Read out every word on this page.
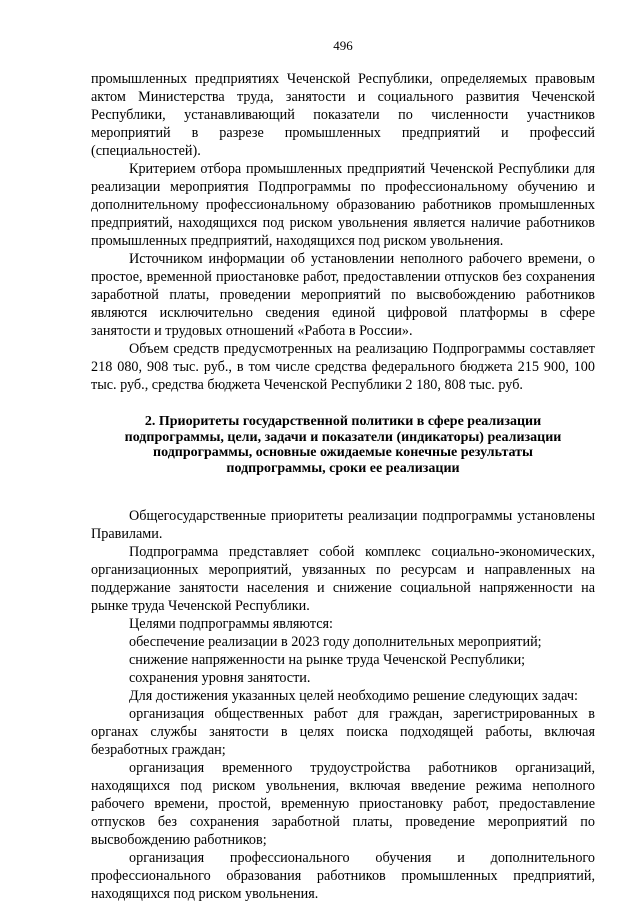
496

промышленных предприятиях Чеченской Республики, определяемых правовым актом Министерства труда, занятости и социального развития Чеченской Республики, устанавливающий показатели по численности участников мероприятий в разрезе промышленных предприятий и профессий (специальностей).

Критерием отбора промышленных предприятий Чеченской Республики для реализации мероприятия Подпрограммы по профессиональному обучению и дополнительному профессиональному образованию работников промышленных предприятий, находящихся под риском увольнения является наличие работников промышленных предприятий, находящихся под риском увольнения.

Источником информации об установлении неполного рабочего времени, о простое, временной приостановке работ, предоставлении отпусков без сохранения заработной платы, проведении мероприятий по высвобождению работников являются исключительно сведения единой цифровой платформы в сфере занятости и трудовых отношений «Работа в России».

Объем средств предусмотренных на реализацию Подпрограммы составляет 218 080, 908 тыс. руб., в том числе средства федерального бюджета 215 900, 100 тыс. руб., средства бюджета Чеченской Республики 2 180, 808 тыс. руб.

2. Приоритеты государственной политики в сфере реализации
подпрограммы, цели, задачи и показатели (индикаторы) реализации
подпрограммы, основные ожидаемые конечные результаты
подпрограммы, сроки ее реализации

Общегосударственные приоритеты реализации подпрограммы установлены Правилами.

Подпрограмма представляет собой комплекс социально-экономических, организационных мероприятий, увязанных по ресурсам и направленных на поддержание занятости населения и снижение социальной напряженности на рынке труда Чеченской Республики.

Целями подпрограммы являются:

обеспечение реализации в 2023 году дополнительных мероприятий;

снижение напряженности на рынке труда Чеченской Республики;

сохранения уровня занятости.

Для достижения указанных целей необходимо решение следующих задач:

организация общественных работ для граждан, зарегистрированных в органах службы занятости в целях поиска подходящей работы, включая безработных граждан;

организация временного трудоустройства работников организаций, находящихся под риском увольнения, включая введение режима неполного рабочего времени, простой, временную приостановку работ, предоставление отпусков без сохранения заработной платы, проведение мероприятий по высвобождению работников;

организация профессионального обучения и дополнительного профессионального образования работников промышленных предприятий, находящихся под риском увольнения.
